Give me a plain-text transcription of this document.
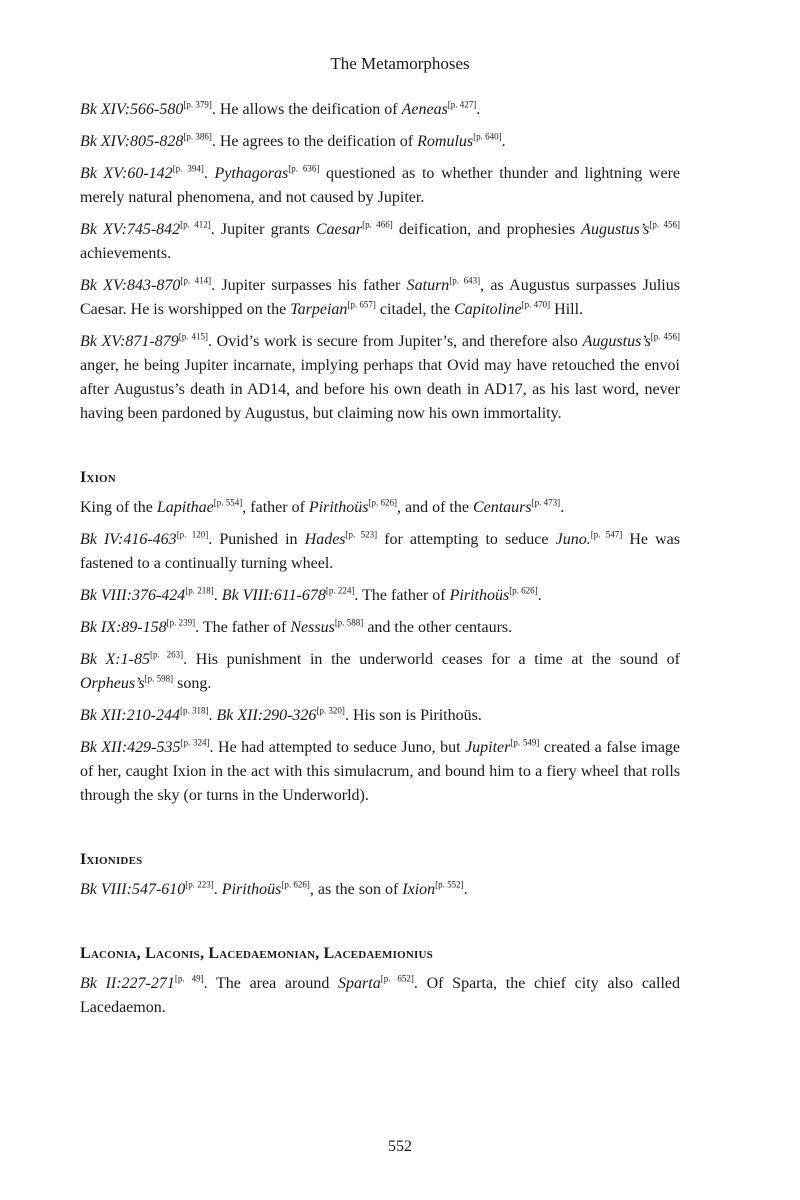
The Metamorphoses

Bk XIV:566-580[p. 379]. He allows the deification of Aeneas[p. 427].

Bk XIV:805-828[p. 386]. He agrees to the deification of Romulus[p. 640].

Bk XV:60-142[p. 394]. Pythagoras[p. 636] questioned as to whether thunder and lightning were merely natural phenomena, and not caused by Jupiter.

Bk XV:745-842[p. 412]. Jupiter grants Caesar[p. 466] deification, and prophesies Augustus’s[p. 456] achievements.

Bk XV:843-870[p. 414]. Jupiter surpasses his father Saturn[p. 643], as Augustus surpasses Julius Caesar. He is worshipped on the Tarpeian[p. 657] citadel, the Capitoline[p. 470] Hill.

Bk XV:871-879[p. 415]. Ovid’s work is secure from Jupiter’s, and therefore also Augustus’s[p. 456] anger, he being Jupiter incarnate, implying perhaps that Ovid may have retouched the envoi after Augustus’s death in AD14, and before his own death in AD17, as his last word, never having been pardoned by Augustus, but claiming now his own immortality.

Ixion

King of the Lapithae[p. 554], father of Pirithoüs[p. 626], and of the Centaurs[p. 473].

Bk IV:416-463[p. 120]. Punished in Hades[p. 523] for attempting to seduce Juno.[p. 547] He was fastened to a continually turning wheel.

Bk VIII:376-424[p. 218]. Bk VIII:611-678[p. 224]. The father of Pirithoüs[p. 626].

Bk IX:89-158[p. 239]. The father of Nessus[p. 588] and the other centaurs.

Bk X:1-85[p. 263]. His punishment in the underworld ceases for a time at the sound of Orpheus’s[p. 598] song.

Bk XII:210-244[p. 318]. Bk XII:290-326[p. 320]. His son is Pirithoüs.

Bk XII:429-535[p. 324]. He had attempted to seduce Juno, but Jupiter[p. 549] created a false image of her, caught Ixion in the act with this simulacrum, and bound him to a fiery wheel that rolls through the sky (or turns in the Underworld).

Ixionides

Bk VIII:547-610[p. 223]. Pirithoüs[p. 626], as the son of Ixion[p. 552].

Laconia, Laconis, Lacedaemonian, Lacedaemionius

Bk II:227-271[p. 49]. The area around Sparta[p. 652]. Of Sparta, the chief city also called Lacedaemon.

552
